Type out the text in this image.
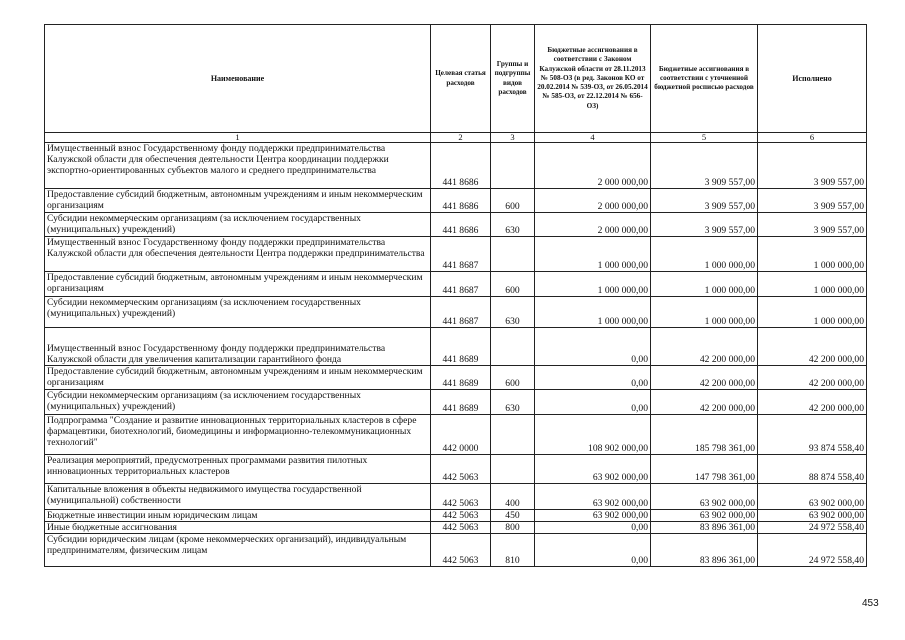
Наименование	Целевая статья расходов	Группы и подгруппы видов расходов	Бюджетные ассигнования в соответствии с Законом Калужской области от 28.11.2013 № 508-ОЗ (в ред. Законов КО от 20.02.2014 № 539-ОЗ, от 26.05.2014 № 585-ОЗ, от 22.12.2014 № 656-ОЗ)	Бюджетные ассигнования в соответствии с уточненной бюджетной росписью расходов	Исполнено
1	2	3	4	5	6
Имущественный взнос Государственному фонду поддержки предпринимательства Калужской области для обеспечения деятельности Центра координации поддержки экспортно-ориентированных субъектов малого и среднего предпринимательства	441 8686		2 000 000,00	3 909 557,00	3 909 557,00
Предоставление субсидий бюджетным, автономным учреждениям и иным некоммерческим организациям	441 8686	600	2 000 000,00	3 909 557,00	3 909 557,00
Субсидии некоммерческим организациям (за исключением государственных (муниципальных) учреждений)	441 8686	630	2 000 000,00	3 909 557,00	3 909 557,00
Имущественный взнос Государственному фонду поддержки предпринимательства Калужской области для обеспечения деятельности Центра поддержки предпринимательства	441 8687		1 000 000,00	1 000 000,00	1 000 000,00
Предоставление субсидий бюджетным, автономным учреждениям и иным некоммерческим организациям	441 8687	600	1 000 000,00	1 000 000,00	1 000 000,00
Субсидии некоммерческим организациям (за исключением государственных (муниципальных) учреждений)	441 8687	630	1 000 000,00	1 000 000,00	1 000 000,00
Имущественный взнос Государственному фонду поддержки предпринимательства Калужской области для увеличения капитализации гарантийного фонда	441 8689		0,00	42 200 000,00	42 200 000,00
Предоставление субсидий бюджетным, автономным учреждениям и иным некоммерческим организациям	441 8689	600	0,00	42 200 000,00	42 200 000,00
Субсидии некоммерческим организациям (за исключением государственных (муниципальных) учреждений)	441 8689	630	0,00	42 200 000,00	42 200 000,00
Подпрограмма "Создание и развитие инновационных территориальных кластеров в сфере фармацевтики, биотехнологий, биомедицины и информационно-телекоммуникационных технологий"	442 0000		108 902 000,00	185 798 361,00	93 874 558,40
Реализация мероприятий, предусмотренных программами развития пилотных инновационных территориальных кластеров	442 5063		63 902 000,00	147 798 361,00	88 874 558,40
Капитальные вложения в объекты недвижимого имущества государственной (муниципальной) собственности	442 5063	400	63 902 000,00	63 902 000,00	63 902 000,00
Бюджетные инвестиции иным юридическим лицам	442 5063	450	63 902 000,00	63 902 000,00	63 902 000,00
Иные бюджетные ассигнования	442 5063	800	0,00	83 896 361,00	24 972 558,40
Субсидии юридическим лицам (кроме некоммерческих организаций), индивидуальным предпринимателям, физическим лицам	442 5063	810	0,00	83 896 361,00	24 972 558,40
453
